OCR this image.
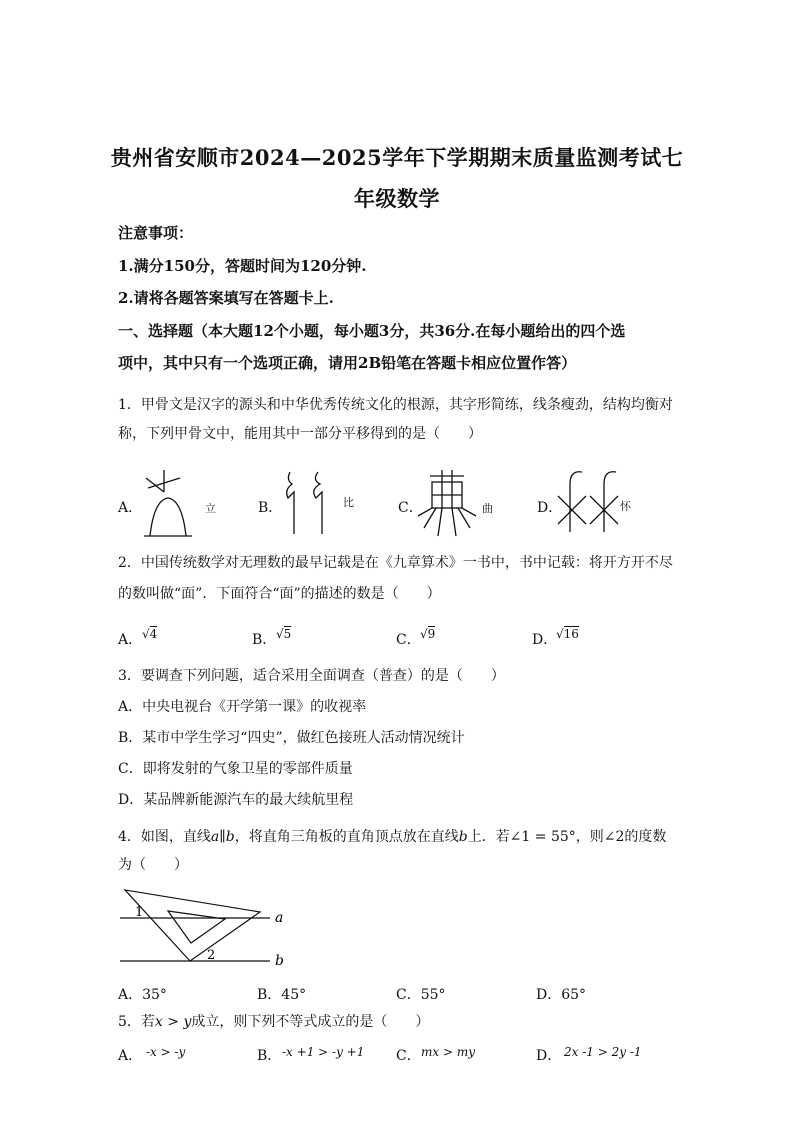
贵州省安顺市2024—2025学年下学期期末质量监测考试七
年级数学
注意事项：
1.满分150分，答题时间为120分钟.
2.请将各题答案填写在答题卡上.
一、选择题（本大题12个小题，每小题3分，共36分.在每小题给出的四个选
项中，其中只有一个选项正确，请用2B铅笔在答题卡相应位置作答）
1．甲骨文是汉字的源头和中华优秀传统文化的根源，其字形简练，线条瘦劲，结构均衡对
称，下列甲骨文中，能用其中一部分平移得到的是（　　）
A．	立	B．	比	C．	曲	D．	怀
2．中国传统数学对无理数的最早记载是在《九章算术》一书中，书中记载：将开方开不尽
的数叫做“面”．下面符合“面”的描述的数是（　　）
A． √4	B． √5	C． √9	D．
√16
3．要调查下列问题，适合采用全面调查（普查）的是（　　）
A．中央电视台《开学第一课》的收视率
B．某市中学生学习“四史”，做红色接班人活动情况统计
C．即将发射的气象卫星的零部件质量
D．某品牌新能源汽车的最大续航里程
4．如图，直线a∥b，将直角三角板的直角顶点放在直线b上．若∠1 = 55°，则∠2的度数
为（　　）
1
2
a
b
A．35°	B．45°	C．55°	D．65°
5．若x > y成立，则下列不等式成立的是（　　）
A． -x > -y	B． -x +1 > -y +1 C． mx > my	D． 2x -1 > 2y -1
